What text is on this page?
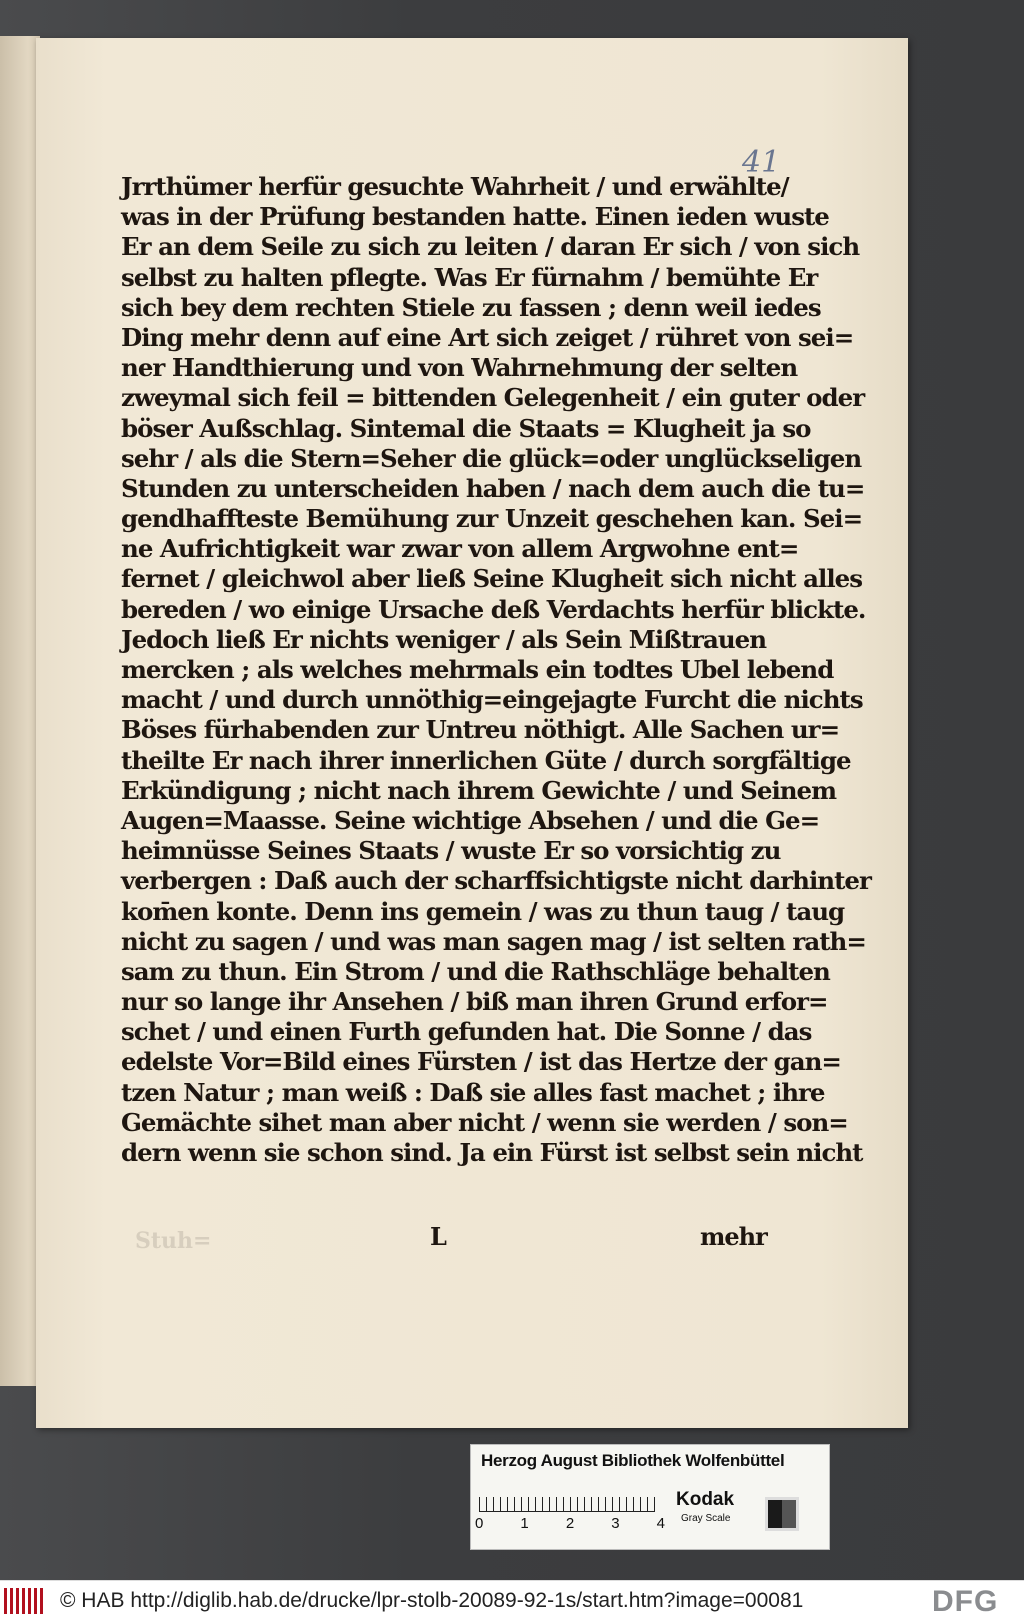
41
Jrrthümer herfür gesuchte Wahrheit / und erwählte/
was in der Prüfung bestanden hatte. Einen ieden wuste
Er an dem Seile zu sich zu leiten / daran Er sich / von sich
selbst zu halten pflegte. Was Er fürnahm / bemühte Er
sich bey dem rechten Stiele zu fassen ; denn weil iedes
Ding mehr denn auf eine Art sich zeiget / rühret von sei=
ner Handthierung und von Wahrnehmung der selten
zweymal sich feil = bittenden Gelegenheit / ein guter oder
böser Außschlag. Sintemal die Staats = Klugheit ja so
sehr / als die Stern=Seher die glück=oder unglückseligen
Stunden zu unterscheiden haben / nach dem auch die tu=
gendhaffteste Bemühung zur Unzeit geschehen kan. Sei=
ne Aufrichtigkeit war zwar von allem Argwohne ent=
fernet / gleichwol aber ließ Seine Klugheit sich nicht alles
bereden / wo einige Ursache deß Verdachts herfür blickte.
Jedoch ließ Er nichts weniger / als Sein Mißtrauen
mercken ; als welches mehrmals ein todtes Ubel lebend
macht / und durch unnöthig=eingejagte Furcht die nichts
Böses fürhabenden zur Untreu nöthigt. Alle Sachen ur=
theilte Er nach ihrer innerlichen Güte / durch sorgfältige
Erkündigung ; nicht nach ihrem Gewichte / und Seinem
Augen=Maasse. Seine wichtige Absehen / und die Ge=
heimnüsse Seines Staats / wuste Er so vorsichtig zu
verbergen : Daß auch der scharffsichtigste nicht darhinter
kom̄en konte. Denn ins gemein / was zu thun taug / taug
nicht zu sagen / und was man sagen mag / ist selten rath=
sam zu thun. Ein Strom / und die Rathschläge behalten
nur so lange ihr Ansehen / biß man ihren Grund erfor=
schet / und einen Furth gefunden hat. Die Sonne / das
edelste Vor=Bild eines Fürsten / ist das Hertze der gan=
tzen Natur ; man weiß : Daß sie alles fast machet ; ihre
Gemächte sihet man aber nicht / wenn sie werden / son=
dern wenn sie schon sind. Ja ein Fürst ist selbst sein nicht
Stuh=	L	mehr
Herzog August Bibliothek Wolfenbüttel
0 1 2 3 4
Kodak
Gray Scale
© HAB http://diglib.hab.de/drucke/lpr-stolb-20089-92-1s/start.htm?image=00081	DFG
